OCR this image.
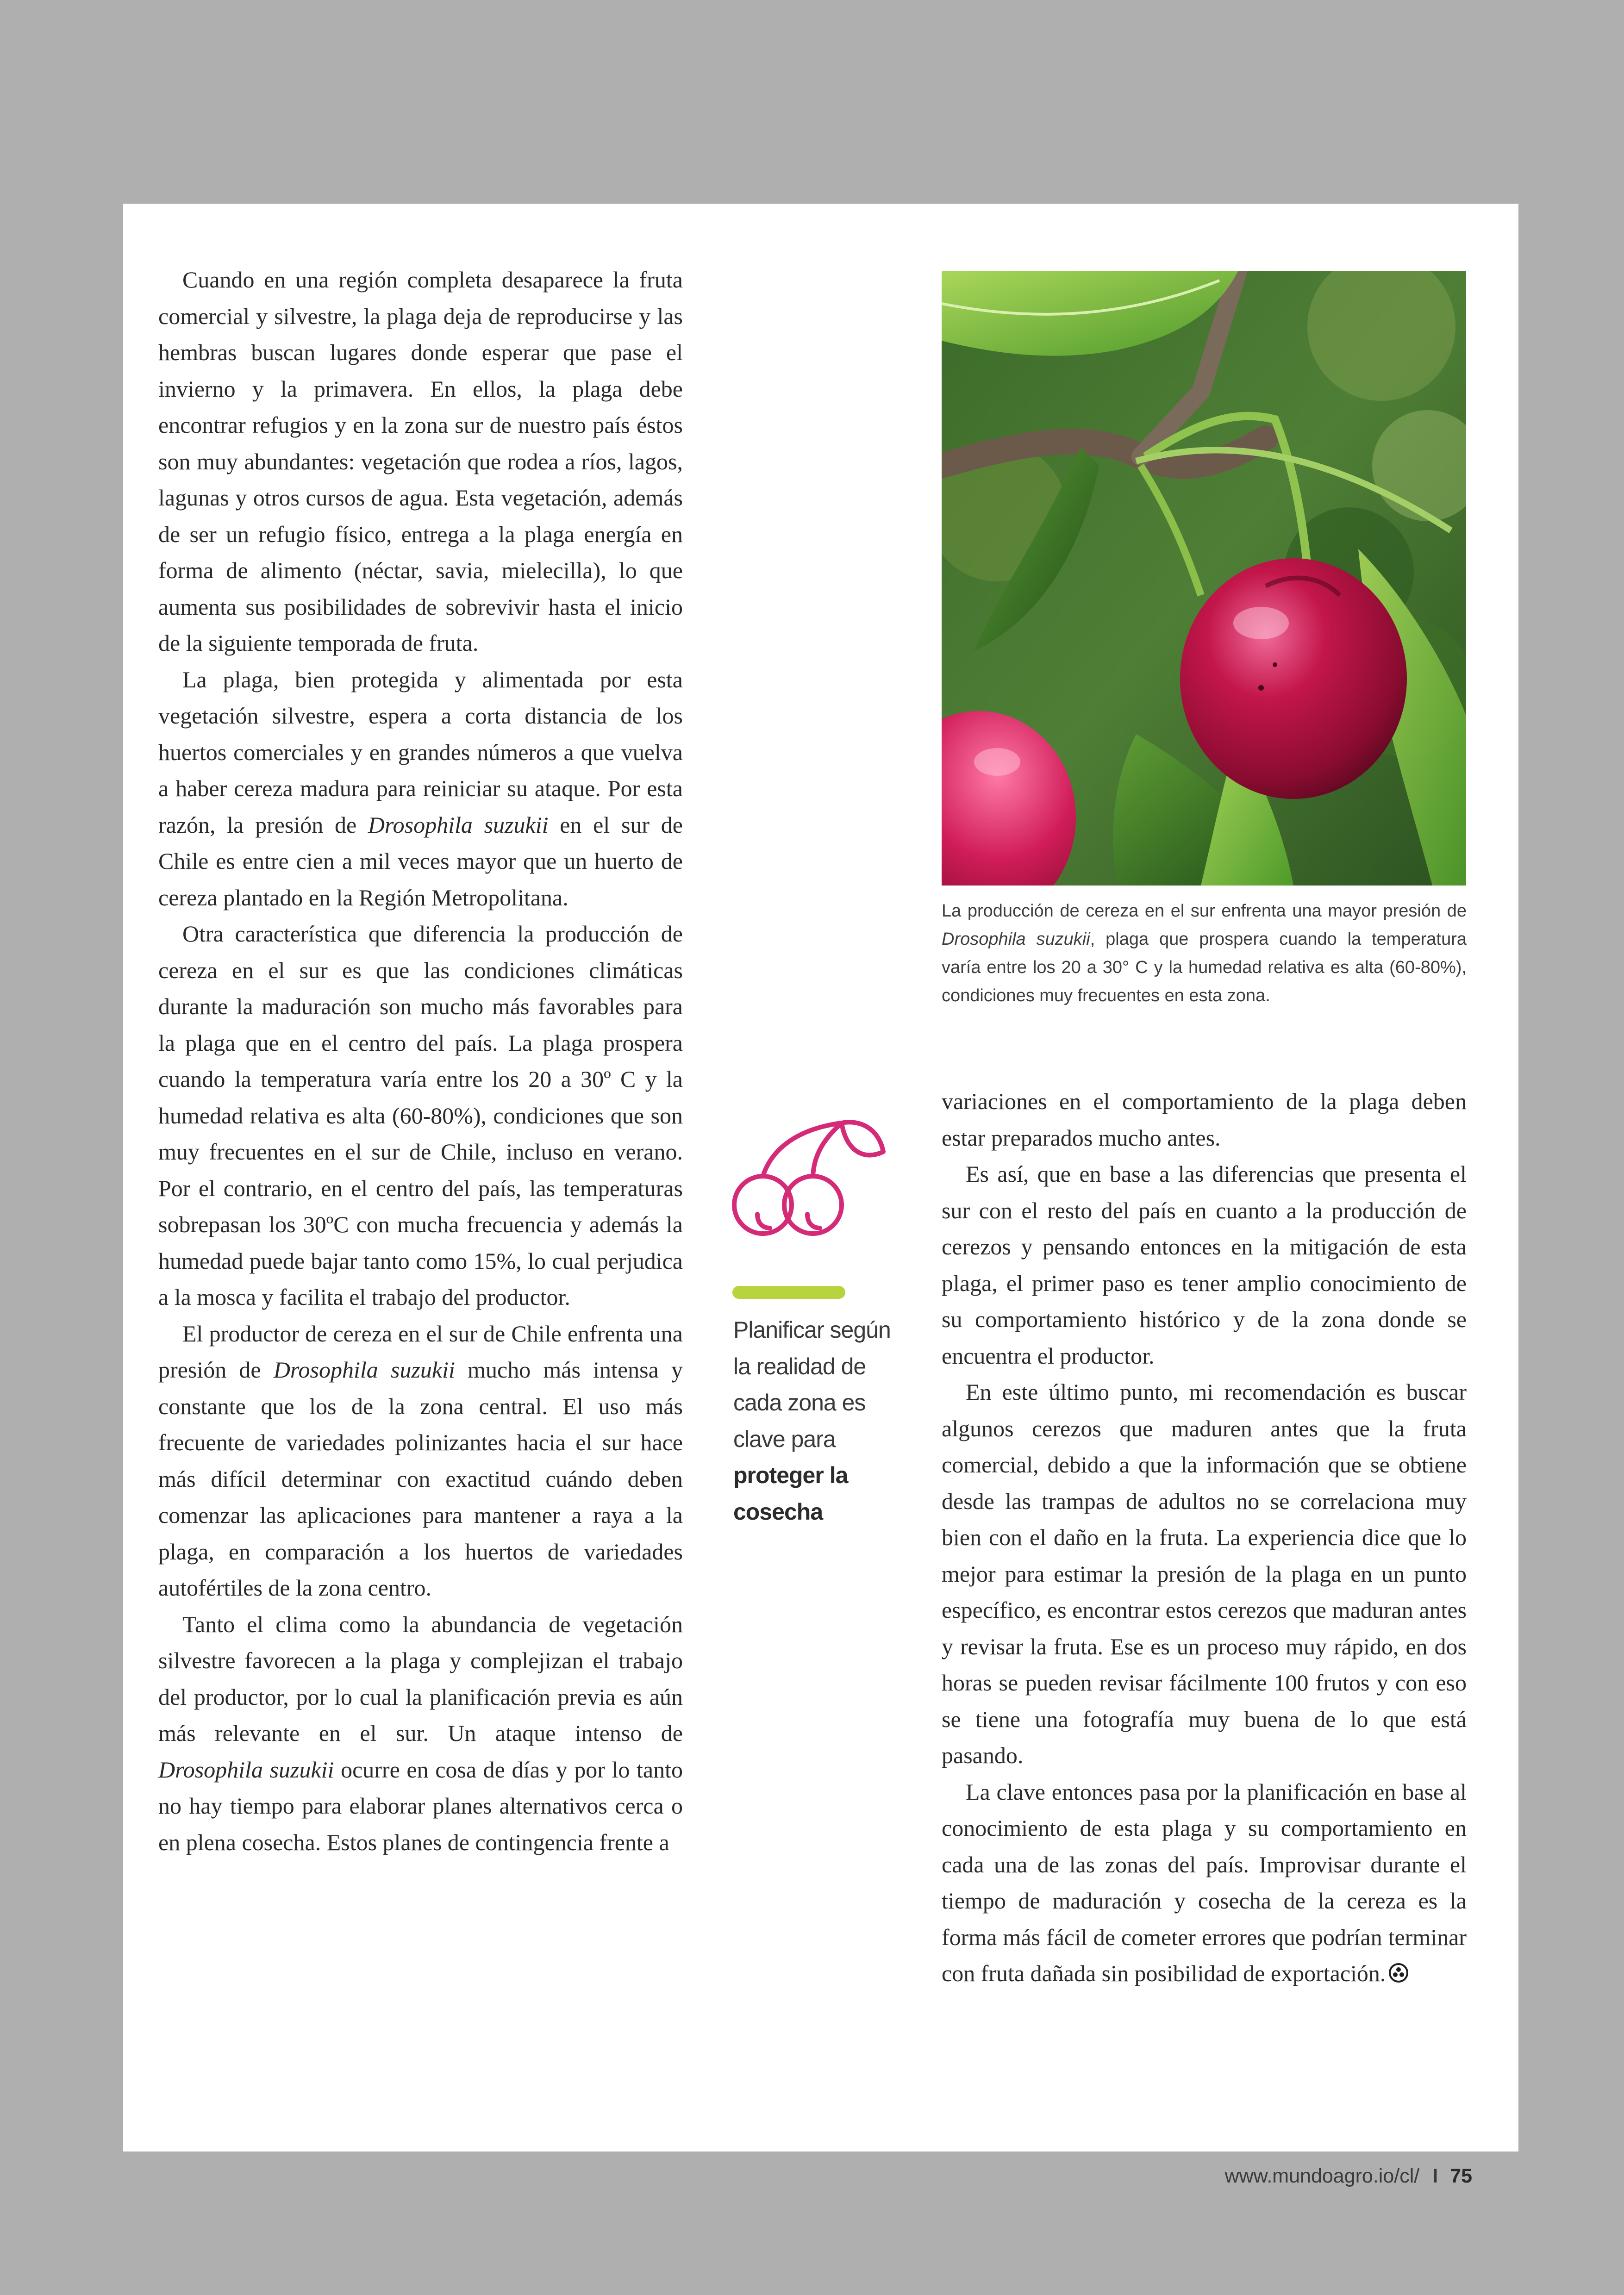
Cuando en una región completa desaparece la fruta comercial y silvestre, la plaga deja de reproducirse y las hembras buscan lugares donde esperar que pase el invierno y la primavera. En ellos, la plaga debe encontrar refugios y en la zona sur de nuestro país éstos son muy abundantes: vegetación que rodea a ríos, lagos, lagunas y otros cursos de agua. Esta vegetación, además de ser un refugio físico, entrega a la plaga energía en forma de alimento (néctar, savia, mielecilla), lo que aumenta sus posibilidades de sobrevivir hasta el inicio de la siguiente temporada de fruta.

La plaga, bien protegida y alimentada por esta vegetación silvestre, espera a corta distancia de los huertos comerciales y en grandes números a que vuelva a haber cereza madura para reiniciar su ataque. Por esta razón, la presión de Drosophila suzukii en el sur de Chile es entre cien a mil veces mayor que un huerto de cereza plantado en la Región Metropolitana.

Otra característica que diferencia la producción de cereza en el sur es que las condiciones climáticas durante la maduración son mucho más favorables para la plaga que en el centro del país. La plaga prospera cuando la temperatura varía entre los 20 a 30º C y la humedad relativa es alta (60-80%), condiciones que son muy frecuentes en el sur de Chile, incluso en verano. Por el contrario, en el centro del país, las temperaturas sobrepasan los 30ºC con mucha frecuencia y además la humedad puede bajar tanto como 15%, lo cual perjudica a la mosca y facilita el trabajo del productor.

El productor de cereza en el sur de Chile enfrenta una presión de Drosophila suzukii mucho más intensa y constante que los de la zona central. El uso más frecuente de variedades polinizantes hacia el sur hace más difícil determinar con exactitud cuándo deben comenzar las aplicaciones para mantener a raya a la plaga, en comparación a los huertos de variedades autofértiles de la zona centro.

Tanto el clima como la abundancia de vegetación silvestre favorecen a la plaga y complejizan el trabajo del productor, por lo cual la planificación previa es aún más relevante en el sur. Un ataque intenso de Drosophila suzukii ocurre en cosa de días y por lo tanto no hay tiempo para elaborar planes alternativos cerca o en plena cosecha. Estos planes de contingencia frente a

La producción de cereza en el sur enfrenta una mayor presión de Drosophila suzukii, plaga que prospera cuando la temperatura varía entre los 20 a 30° C y la humedad relativa es alta (60-80%), condiciones muy frecuentes en esta zona.
Planificar según la realidad de cada zona es clave para proteger la cosecha

variaciones en el comportamiento de la plaga deben estar preparados mucho antes.

Es así, que en base a las diferencias que presenta el sur con el resto del país en cuanto a la producción de cerezos y pensando entonces en la mitigación de esta plaga, el primer paso es tener amplio conocimiento de su comportamiento histórico y de la zona donde se encuentra el productor.

En este último punto, mi recomendación es buscar algunos cerezos que maduren antes que la fruta comercial, debido a que la información que se obtiene desde las trampas de adultos no se correlaciona muy bien con el daño en la fruta. La experiencia dice que lo mejor para estimar la presión de la plaga en un punto específico, es encontrar estos cerezos que maduran antes y revisar la fruta. Ese es un proceso muy rápido, en dos horas se pueden revisar fácilmente 100 frutos y con eso se tiene una fotografía muy buena de lo que está pasando.

La clave entonces pasa por la planificación en base al conocimiento de esta plaga y su comportamiento en cada una de las zonas del país. Improvisar durante el tiempo de maduración y cosecha de la cereza es la forma más fácil de cometer errores que podrían terminar con fruta dañada sin posibilidad de exportación.

www.mundoagro.io/cl/ I 75
